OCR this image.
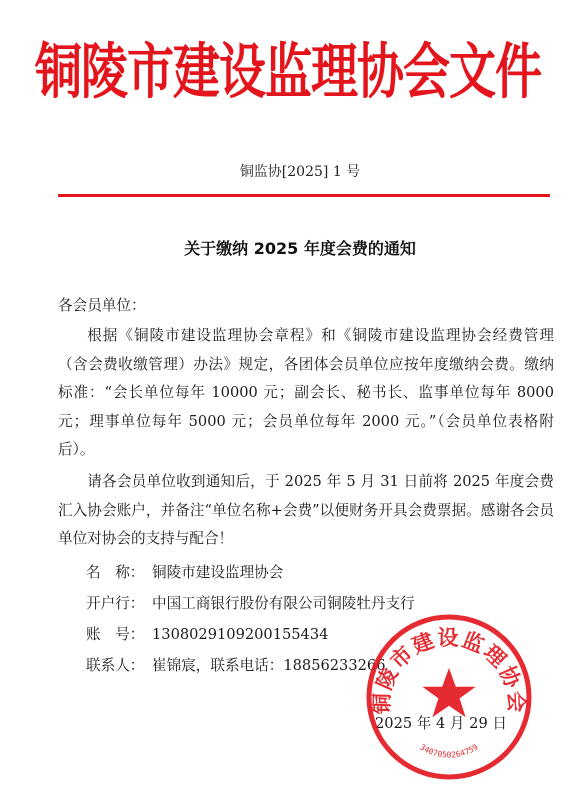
铜陵市建设监理协会文件
铜监协[2025] 1 号
关于缴纳 2025 年度会费的通知

各会员单位：

根据《铜陵市建设监理协会章程》和《铜陵市建设监理协会经费管理（含会费收缴管理）办法》规定，各团体会员单位应按年度缴纳会费。缴纳标准：“会长单位每年 10000 元；副会长、秘书长、监事单位每年 8000 元；理事单位每年 5000 元；会员单位每年 2000 元。”（会员单位表格附后）。

请各会员单位收到通知后，于 2025 年 5 月 31 日前将 2025 年度会费汇入协会账户，并备注“单位名称+会费”以便财务开具会费票据。感谢各会员单位对协会的支持与配合！

名　称： 铜陵市建设监理协会
开户行： 中国工商银行股份有限公司铜陵牡丹支行
账　号： 1308029109200155434
联系人： 崔锦宸，联系电话：18856233266
2025 年 4 月 29 日
铜陵市建设监理协会
3407050264759
